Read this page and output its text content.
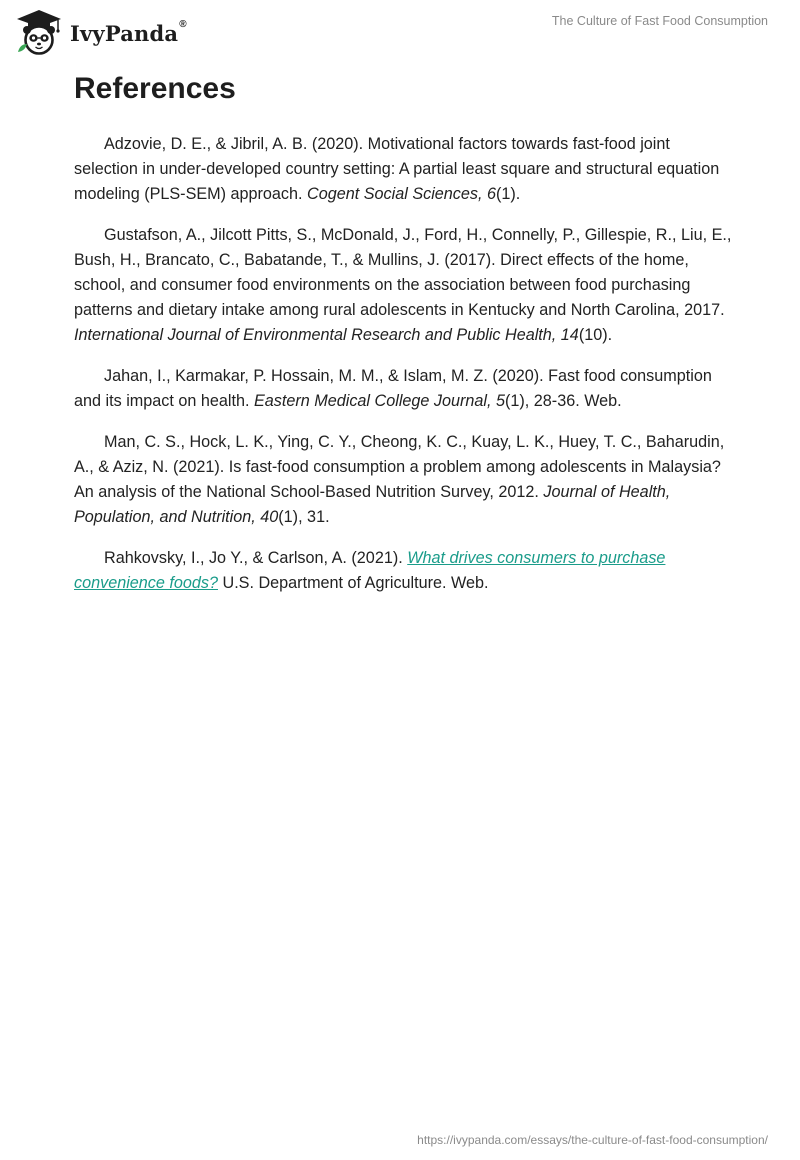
IvyPanda®	The Culture of Fast Food Consumption
References

Adzovie, D. E., & Jibril, A. B. (2020). Motivational factors towards fast-food joint selection in under-developed country setting: A partial least square and structural equation modeling (PLS-SEM) approach. Cogent Social Sciences, 6(1).

Gustafson, A., Jilcott Pitts, S., McDonald, J., Ford, H., Connelly, P., Gillespie, R., Liu, E., Bush, H., Brancato, C., Babatande, T., & Mullins, J. (2017). Direct effects of the home, school, and consumer food environments on the association between food purchasing patterns and dietary intake among rural adolescents in Kentucky and North Carolina, 2017. International Journal of Environmental Research and Public Health, 14(10).

Jahan, I., Karmakar, P. Hossain, M. M., & Islam, M. Z. (2020). Fast food consumption and its impact on health. Eastern Medical College Journal, 5(1), 28-36. Web.

Man, C. S., Hock, L. K., Ying, C. Y., Cheong, K. C., Kuay, L. K., Huey, T. C., Baharudin, A., & Aziz, N. (2021). Is fast-food consumption a problem among adolescents in Malaysia? An analysis of the National School-Based Nutrition Survey, 2012. Journal of Health, Population, and Nutrition, 40(1), 31.

Rahkovsky, I., Jo Y., & Carlson, A. (2021). What drives consumers to purchase convenience foods? U.S. Department of Agriculture. Web.

https://ivypanda.com/essays/the-culture-of-fast-food-consumption/
